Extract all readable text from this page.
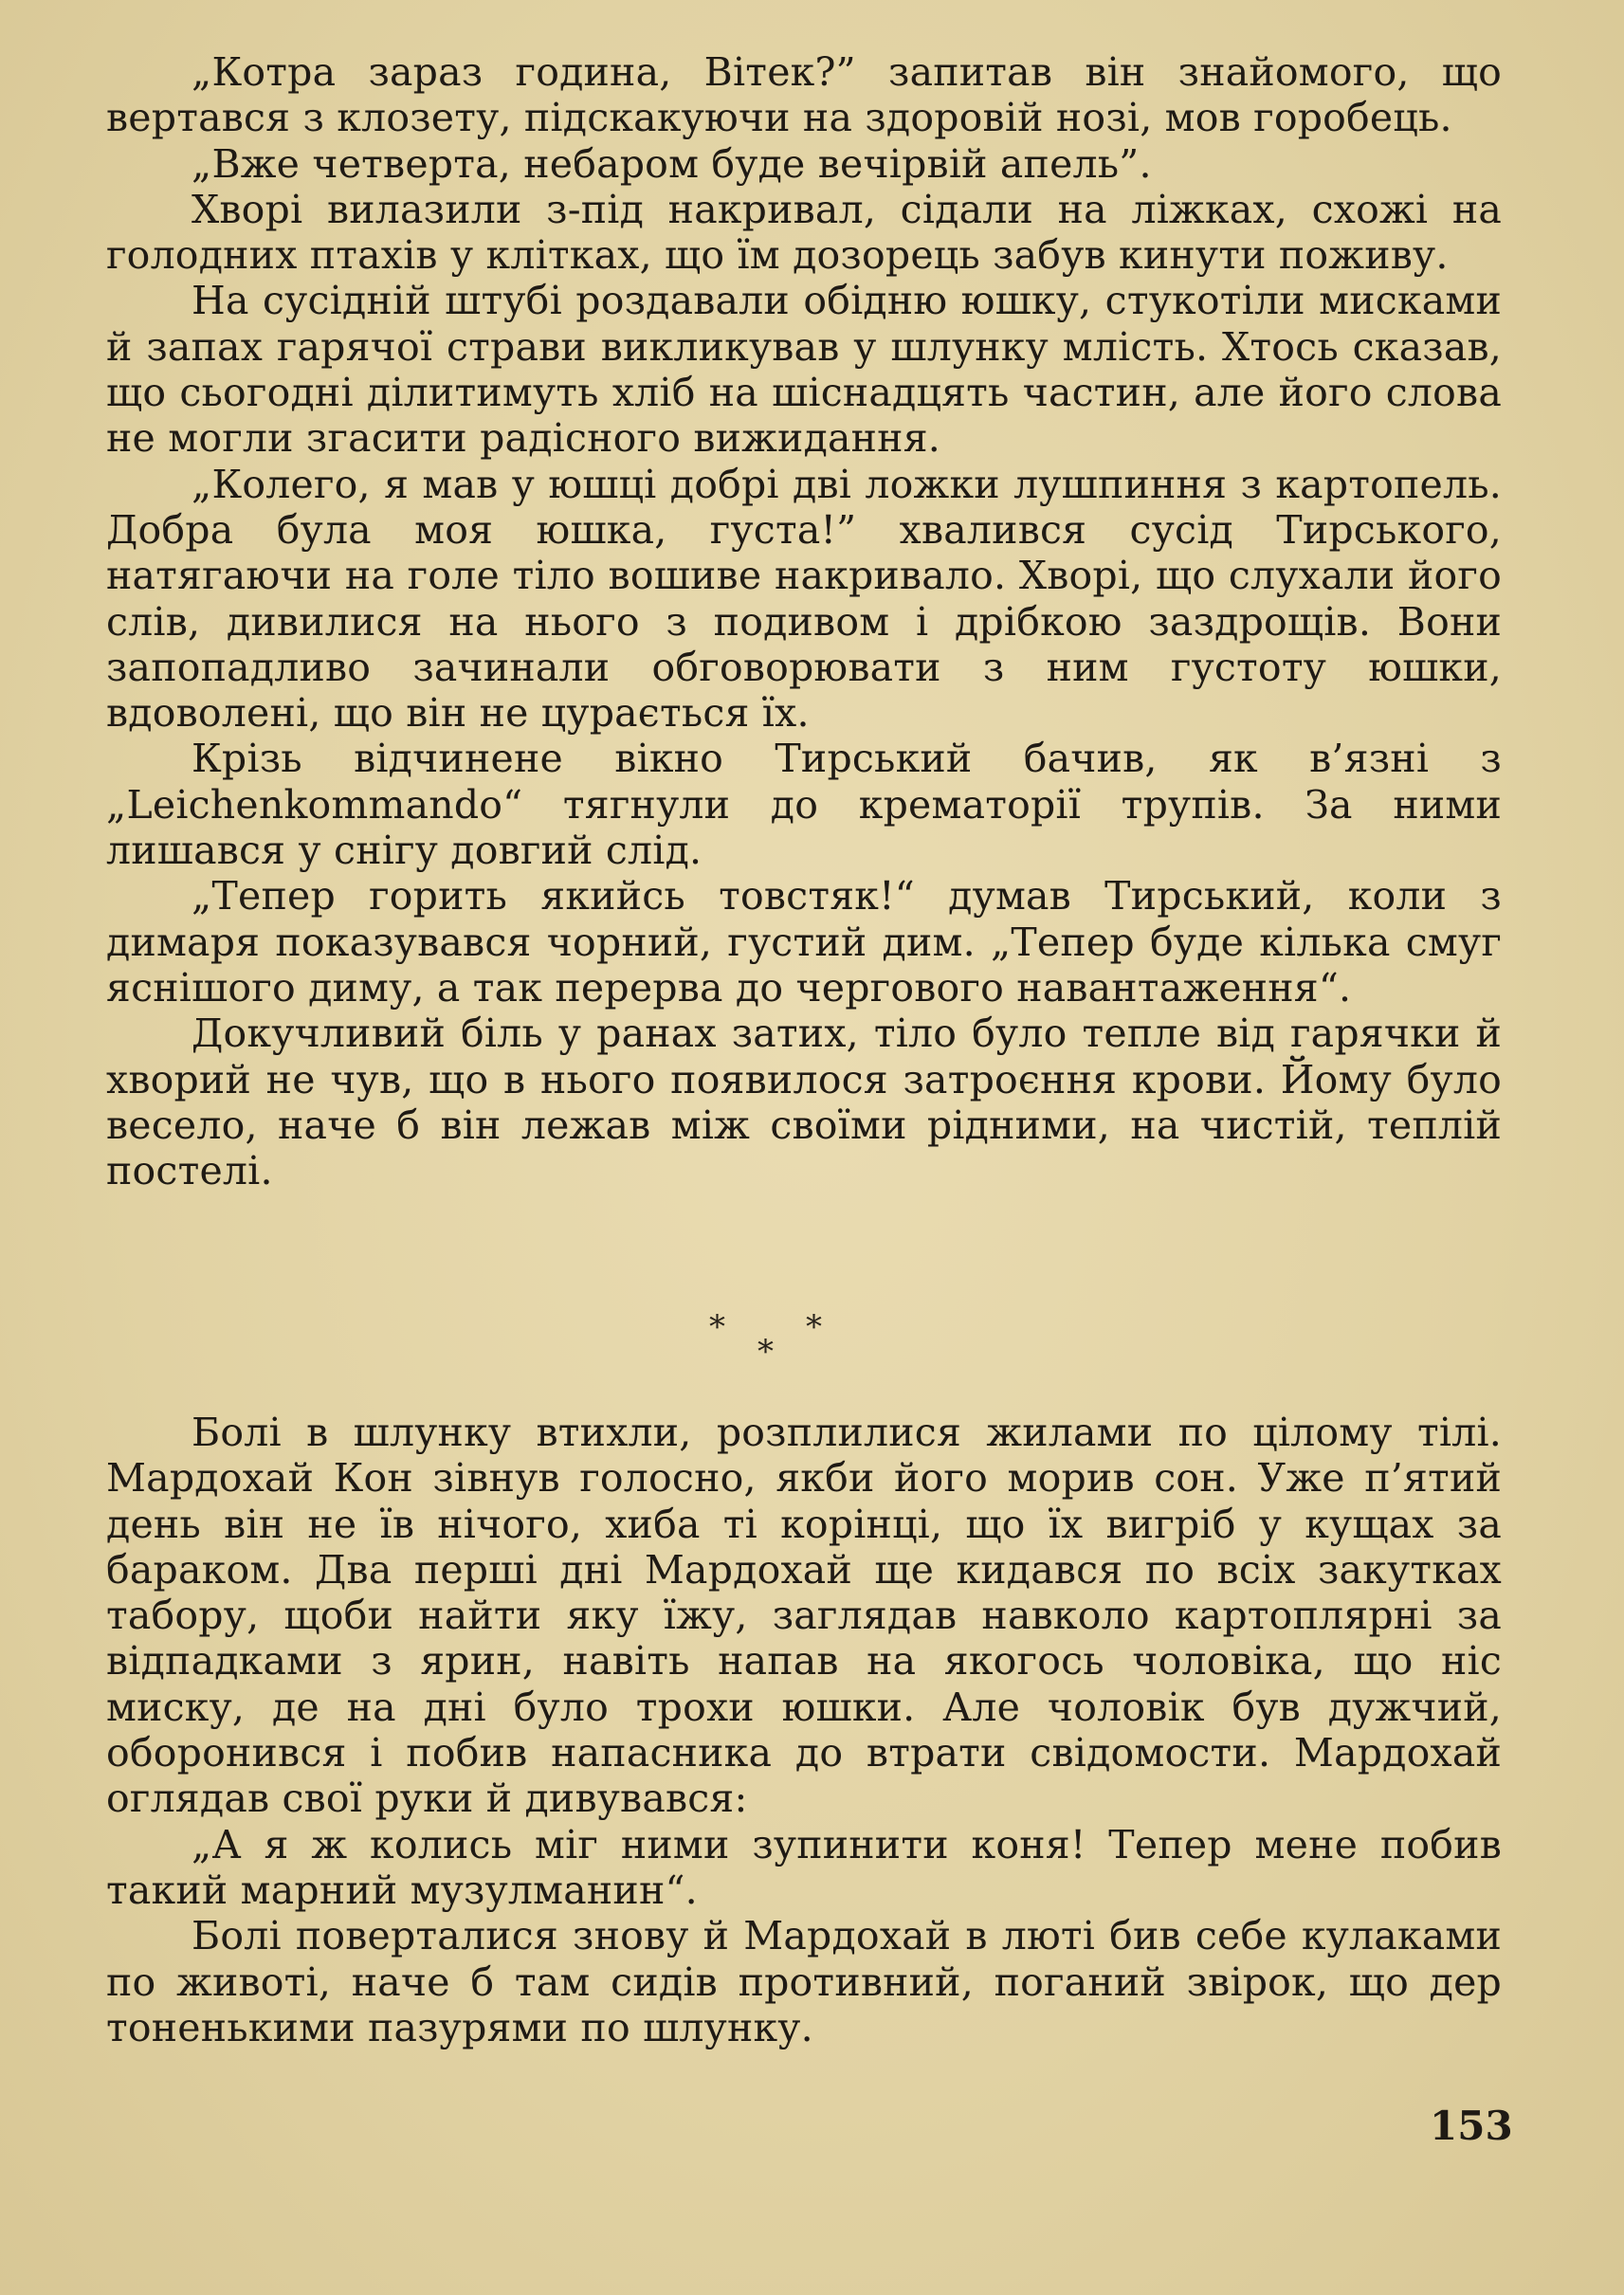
„Котра зараз година, Вітек?” запитав він знайомого, що вертався з клозету, підскакуючи на здоровій нозі, мов горобець.

„Вже четверта, небаром буде вечірвій апель”.

Хворі вилазили з-під накривал, сідали на ліжках, схожі на голодних птахів у клітках, що їм дозорець забув кинути поживу.

На сусідній штубі роздавали обідню юшку, стукотіли мисками й запах гарячої страви викликував у шлунку млість. Хтось сказав, що сьогодні ділитимуть хліб на шіснадцять частин, але його слова не могли згасити радісного вижидання.

„Колего, я мав у юшці добрі дві ложки лушпиння з картопель. Добра була моя юшка, густа!” хвалився сусід Тирського, натягаючи на голе тіло вошиве накривало. Хворі, що слухали його слів, дивилися на нього з подивом і дрібкою заздрощів. Вони запопадливо зачинали обговорювати з ним густоту юшки, вдоволені, що він не цурається їх.

Крізь відчинене вікно Тирський бачив, як в’язні з „Leichenkommando“ тягнули до крематорії трупів. За ними лишався у снігу довгий слід.

„Тепер горить якийсь товстяк!“ думав Тирський, коли з димаря показувався чорний, густий дим. „Тепер буде кілька смуг яснішого диму, а так перерва до чергового навантаження“.

Докучливий біль у ранах затих, тіло було тепле від гарячки й хворий не чув, що в нього появилося затроєння крови. Йому було весело, наче б він лежав між своїми рідними, на чистій, теплій постелі.

*	*
*

Болі в шлунку втихли, розплилися жилами по цілому тілі. Мардохай Кон зівнув голосно, якби його морив сон. Уже п’ятий день він не їв нічого, хиба ті корінці, що їх вигріб у кущах за бараком. Два перші дні Мардохай ще кидався по всіх закутках табору, щоби найти яку їжу, заглядав навколо картоплярні за відпадками з ярин, навіть напав на якогось чоловіка, що ніс миску, де на дні було трохи юшки. Але чоловік був дужчий, оборонився і побив напасника до втрати свідомости. Мардохай оглядав свої руки й дивувався:

„А я ж колись міг ними зупинити коня! Тепер мене побив такий марний музулманин“.

Болі поверталися знову й Мардохай в люті бив себе кулаками по животі, наче б там сидів противний, поганий звірок, що дер тоненькими пазурями по шлунку.

153
